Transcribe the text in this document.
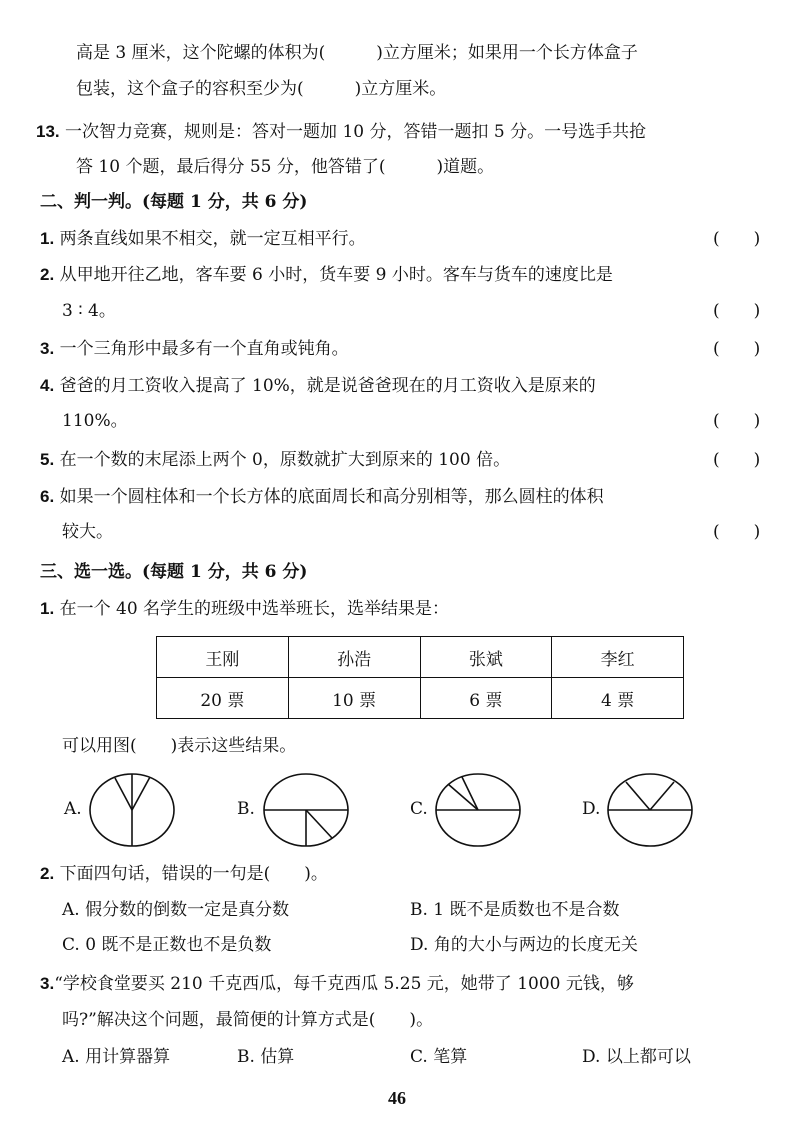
高是 3 厘米，这个陀螺的体积为(　　　)立方厘米；如果用一个长方体盒子
包装，这个盒子的容积至少为(　　　)立方厘米。
13. 一次智力竞赛，规则是：答对一题加 10 分，答错一题扣 5 分。一号选手共抢
答 10 个题，最后得分 55 分，他答错了(　　　)道题。
二、判一判。(每题 1 分，共 6 分)
1. 两条直线如果不相交，就一定互相平行。	(　　)
2. 从甲地开往乙地，客车要 6 小时，货车要 9 小时。客车与货车的速度比是
3 ∶ 4。	(　　)
3. 一个三角形中最多有一个直角或钝角。	(　　)
4. 爸爸的月工资收入提高了 10%，就是说爸爸现在的月工资收入是原来的
110%。	(　　)
5. 在一个数的末尾添上两个 0，原数就扩大到原来的 100 倍。	(　　)
6. 如果一个圆柱体和一个长方体的底面周长和高分别相等，那么圆柱的体积
较大。	(　　)
三、选一选。(每题 1 分，共 6 分)
1. 在一个 40 名学生的班级中选举班长，选举结果是：
王刚	孙浩	张斌	李红
20 票	10 票	6 票	4 票
可以用图(　　)表示这些结果。
A.	B.	C.	D.
2. 下面四句话，错误的一句是(　　)。
A. 假分数的倒数一定是真分数	B. 1 既不是质数也不是合数
C. 0 既不是正数也不是负数	D. 角的大小与两边的长度无关
3.“学校食堂要买 210 千克西瓜，每千克西瓜 5.25 元，她带了 1000 元钱，够
吗?”解决这个问题，最简便的计算方式是(　　)。
A. 用计算器算	B. 估算	C. 笔算	D. 以上都可以
46
